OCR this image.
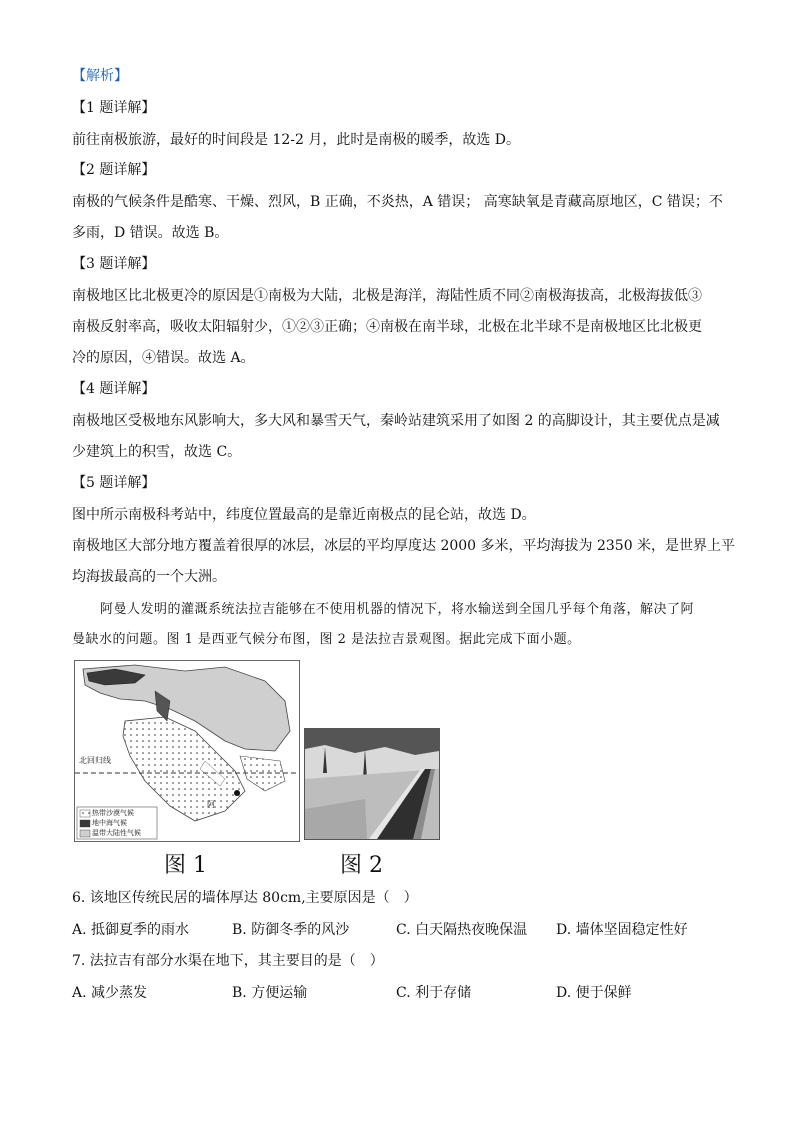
【解析】
【1 题详解】
前往南极旅游，最好的时间段是 12-2 月，此时是南极的暖季，故选 D。
【2 题详解】
南极的气候条件是酷寒、干燥、烈风，B 正确，不炎热，A 错误； 高寒缺氧是青藏高原地区，C 错误；不
多雨，D 错误。故选 B。
【3 题详解】
南极地区比北极更冷的原因是①南极为大陆，北极是海洋，海陆性质不同②南极海拔高，北极海拔低③
南极反射率高，吸收太阳辐射少，①②③正确；④南极在南半球，北极在北半球不是南极地区比北极更
冷的原因，④错误。故选 A。
【4 题详解】
南极地区受极地东风影响大，多大风和暴雪天气，秦岭站建筑采用了如图 2 的高脚设计，其主要优点是减
少建筑上的积雪，故选 C。
【5 题详解】
图中所示南极科考站中，纬度位置最高的是靠近南极点的昆仑站，故选 D。
南极地区大部分地方覆盖着很厚的冰层，冰层的平均厚度达 2000 多米，平均海拔为 2350 米，是世界上平
均海拔最高的一个大洲。
阿曼人发明的灌溉系统法拉吉能够在不使用机器的情况下，将水输送到全国几乎每个角落，解决了阿
曼缺水的问题。图 1 是西亚气候分布图，图 2 是法拉吉景观图。据此完成下面小题。
北回归线
阿
热带沙漠气候
地中海气候
温带大陆性气候
图 1	图 2
6. 该地区传统民居的墙体厚达 80cm,主要原因是（　）
A. 抵御夏季的雨水	B. 防御冬季的风沙	C. 白天隔热夜晚保温 D. 墙体坚固稳定性好
7. 法拉吉有部分水渠在地下，其主要目的是（　）
A. 减少蒸发	B. 方便运输	C. 利于存储	D. 便于保鲜
